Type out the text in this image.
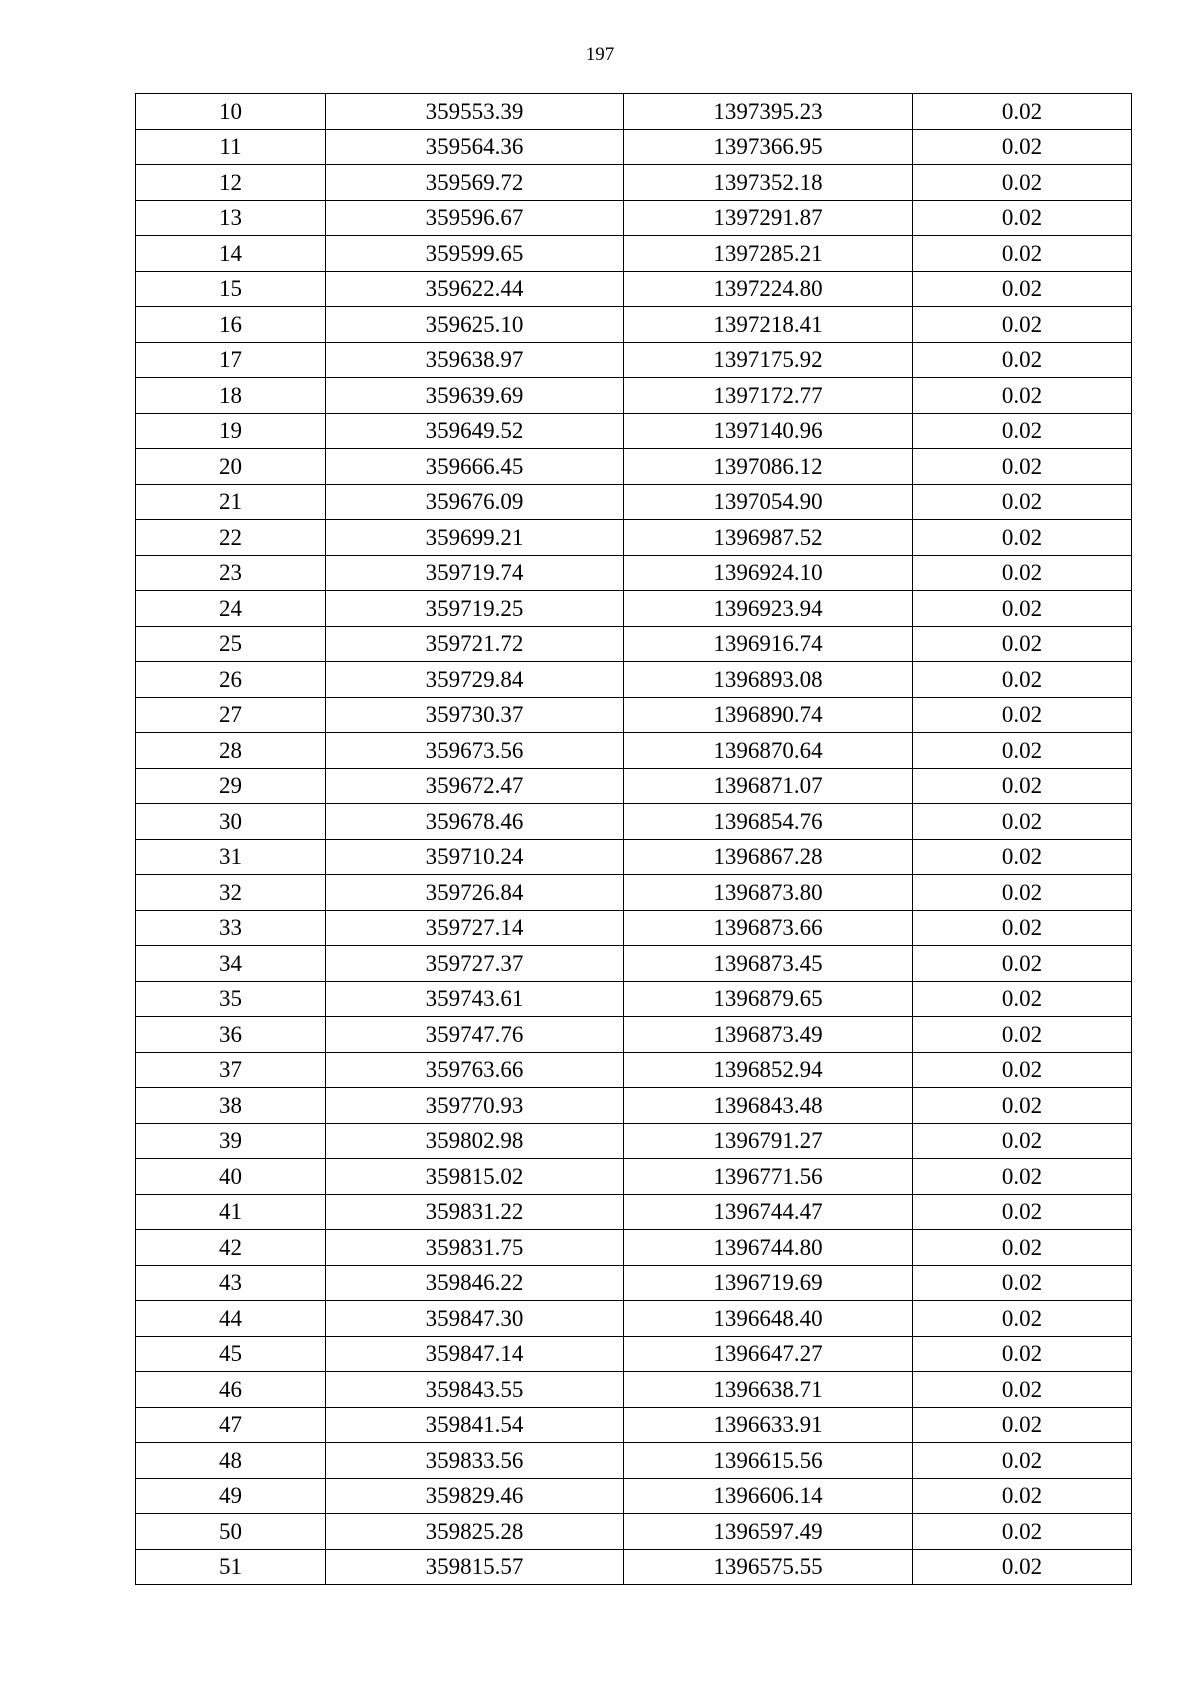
197
10	359553.39	1397395.23	0.02
11	359564.36	1397366.95	0.02
12	359569.72	1397352.18	0.02
13	359596.67	1397291.87	0.02
14	359599.65	1397285.21	0.02
15	359622.44	1397224.80	0.02
16	359625.10	1397218.41	0.02
17	359638.97	1397175.92	0.02
18	359639.69	1397172.77	0.02
19	359649.52	1397140.96	0.02
20	359666.45	1397086.12	0.02
21	359676.09	1397054.90	0.02
22	359699.21	1396987.52	0.02
23	359719.74	1396924.10	0.02
24	359719.25	1396923.94	0.02
25	359721.72	1396916.74	0.02
26	359729.84	1396893.08	0.02
27	359730.37	1396890.74	0.02
28	359673.56	1396870.64	0.02
29	359672.47	1396871.07	0.02
30	359678.46	1396854.76	0.02
31	359710.24	1396867.28	0.02
32	359726.84	1396873.80	0.02
33	359727.14	1396873.66	0.02
34	359727.37	1396873.45	0.02
35	359743.61	1396879.65	0.02
36	359747.76	1396873.49	0.02
37	359763.66	1396852.94	0.02
38	359770.93	1396843.48	0.02
39	359802.98	1396791.27	0.02
40	359815.02	1396771.56	0.02
41	359831.22	1396744.47	0.02
42	359831.75	1396744.80	0.02
43	359846.22	1396719.69	0.02
44	359847.30	1396648.40	0.02
45	359847.14	1396647.27	0.02
46	359843.55	1396638.71	0.02
47	359841.54	1396633.91	0.02
48	359833.56	1396615.56	0.02
49	359829.46	1396606.14	0.02
50	359825.28	1396597.49	0.02
51	359815.57	1396575.55	0.02
